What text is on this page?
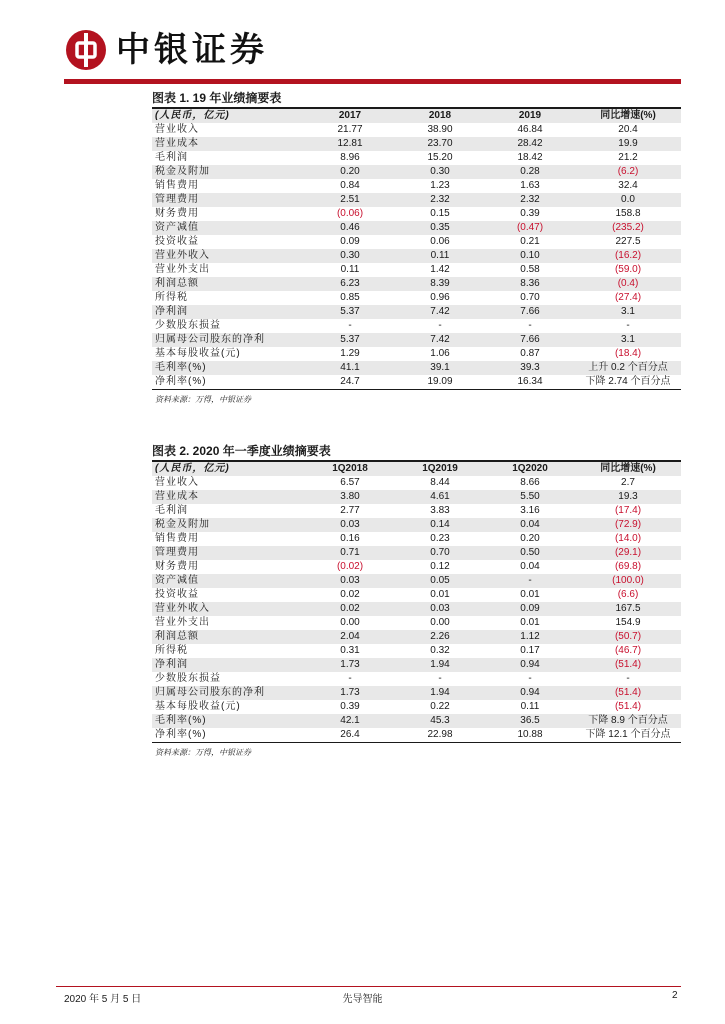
中银证券
图表 1. 19 年业绩摘要表
(人民币，亿元)	2017	2018	2019	同比增速(%)
营业收入	21.77	38.90	46.84	20.4
营业成本	12.81	23.70	28.42	19.9
毛利润	8.96	15.20	18.42	21.2
税金及附加	0.20	0.30	0.28	(6.2)
销售费用	0.84	1.23	1.63	32.4
管理费用	2.51	2.32	2.32	0.0
财务费用	(0.06)	0.15	0.39	158.8
资产减值	0.46	0.35	(0.47)	(235.2)
投资收益	0.09	0.06	0.21	227.5
营业外收入	0.30	0.11	0.10	(16.2)
营业外支出	0.11	1.42	0.58	(59.0)
利润总额	6.23	8.39	8.36	(0.4)
所得税	0.85	0.96	0.70	(27.4)
净利润	5.37	7.42	7.66	3.1
少数股东损益	-	-	-	-
归属母公司股东的净利	5.37	7.42	7.66	3.1
基本每股收益(元)	1.29	1.06	0.87	(18.4)
毛利率(%)	41.1	39.1	39.3	上升 0.2 个百分点
净利率(%)	24.7	19.09	16.34	下降 2.74 个百分点
资料来源：万得，中银证券
图表 2. 2020 年一季度业绩摘要表
(人民币，亿元)	1Q2018	1Q2019	1Q2020	同比增速(%)
营业收入	6.57	8.44	8.66	2.7
营业成本	3.80	4.61	5.50	19.3
毛利润	2.77	3.83	3.16	(17.4)
税金及附加	0.03	0.14	0.04	(72.9)
销售费用	0.16	0.23	0.20	(14.0)
管理费用	0.71	0.70	0.50	(29.1)
财务费用	(0.02)	0.12	0.04	(69.8)
资产减值	0.03	0.05	-	(100.0)
投资收益	0.02	0.01	0.01	(6.6)
营业外收入	0.02	0.03	0.09	167.5
营业外支出	0.00	0.00	0.01	154.9
利润总额	2.04	2.26	1.12	(50.7)
所得税	0.31	0.32	0.17	(46.7)
净利润	1.73	1.94	0.94	(51.4)
少数股东损益	-	-	-	-
归属母公司股东的净利	1.73	1.94	0.94	(51.4)
基本每股收益(元)	0.39	0.22	0.11	(51.4)
毛利率(%)	42.1	45.3	36.5	下降 8.9 个百分点
净利率(%)	26.4	22.98	10.88	下降 12.1 个百分点
资料来源：万得，中银证券
2020 年 5 月 5 日	先导智能	2
